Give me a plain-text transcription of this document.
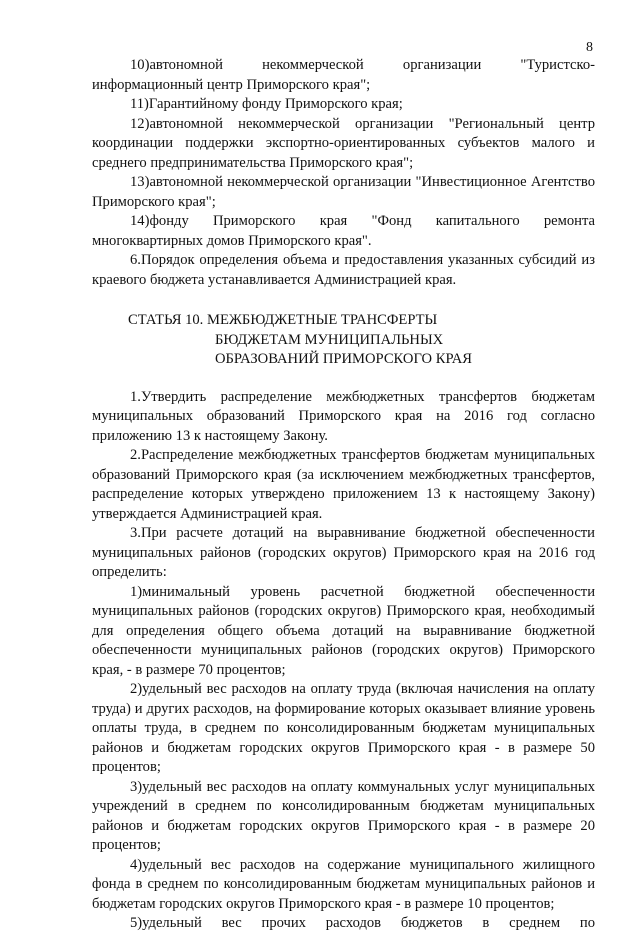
8

10)автономной некоммерческой организации "Туристско-информационный центр Приморского края";

11)Гарантийному фонду Приморского края;

12)автономной некоммерческой организации "Региональный центр координации поддержки экспортно-ориентированных субъектов малого и среднего предпринимательства Приморского края";

13)автономной некоммерческой организации "Инвестиционное Агентство Приморского края";

14)фонду Приморского края "Фонд капитального ремонта многоквартирных домов Приморского края".

6.Порядок определения объема и предоставления указанных субсидий из краевого бюджета устанавливается Администрацией края.

СТАТЬЯ 10. МЕЖБЮДЖЕТНЫЕ ТРАНСФЕРТЫ
БЮДЖЕТАМ МУНИЦИПАЛЬНЫХ
ОБРАЗОВАНИЙ ПРИМОРСКОГО КРАЯ

1.Утвердить распределение межбюджетных трансфертов бюджетам муниципальных образований Приморского края на 2016 год согласно приложению 13 к настоящему Закону.

2.Распределение межбюджетных трансфертов бюджетам муниципальных образований Приморского края (за исключением межбюджетных трансфертов, распределение которых утверждено приложением 13 к настоящему Закону) утверждается Администрацией края.

3.При расчете дотаций на выравнивание бюджетной обеспеченности муниципальных районов (городских округов) Приморского края на 2016 год определить:

1)минимальный уровень расчетной бюджетной обеспеченности муниципальных районов (городских округов) Приморского края, необходимый для определения общего объема дотаций на выравнивание бюджетной обеспеченности муниципальных районов (городских округов) Приморского края, - в размере 70 процентов;

2)удельный вес расходов на оплату труда (включая начисления на оплату труда) и других расходов, на формирование которых оказывает влияние уровень оплаты труда, в среднем по консолидированным бюджетам муниципальных районов и бюджетам городских округов Приморского края - в размере 50 процентов;

3)удельный вес расходов на оплату коммунальных услуг муниципальных учреждений в среднем по консолидированным бюджетам муниципальных районов и бюджетам городских округов Приморского края - в размере 20 процентов;

4)удельный вес расходов на содержание муниципального жилищного фонда в среднем по консолидированным бюджетам муниципальных районов и бюджетам городских округов Приморского края - в размере 10 процентов;

5)удельный вес прочих расходов бюджетов в среднем по
